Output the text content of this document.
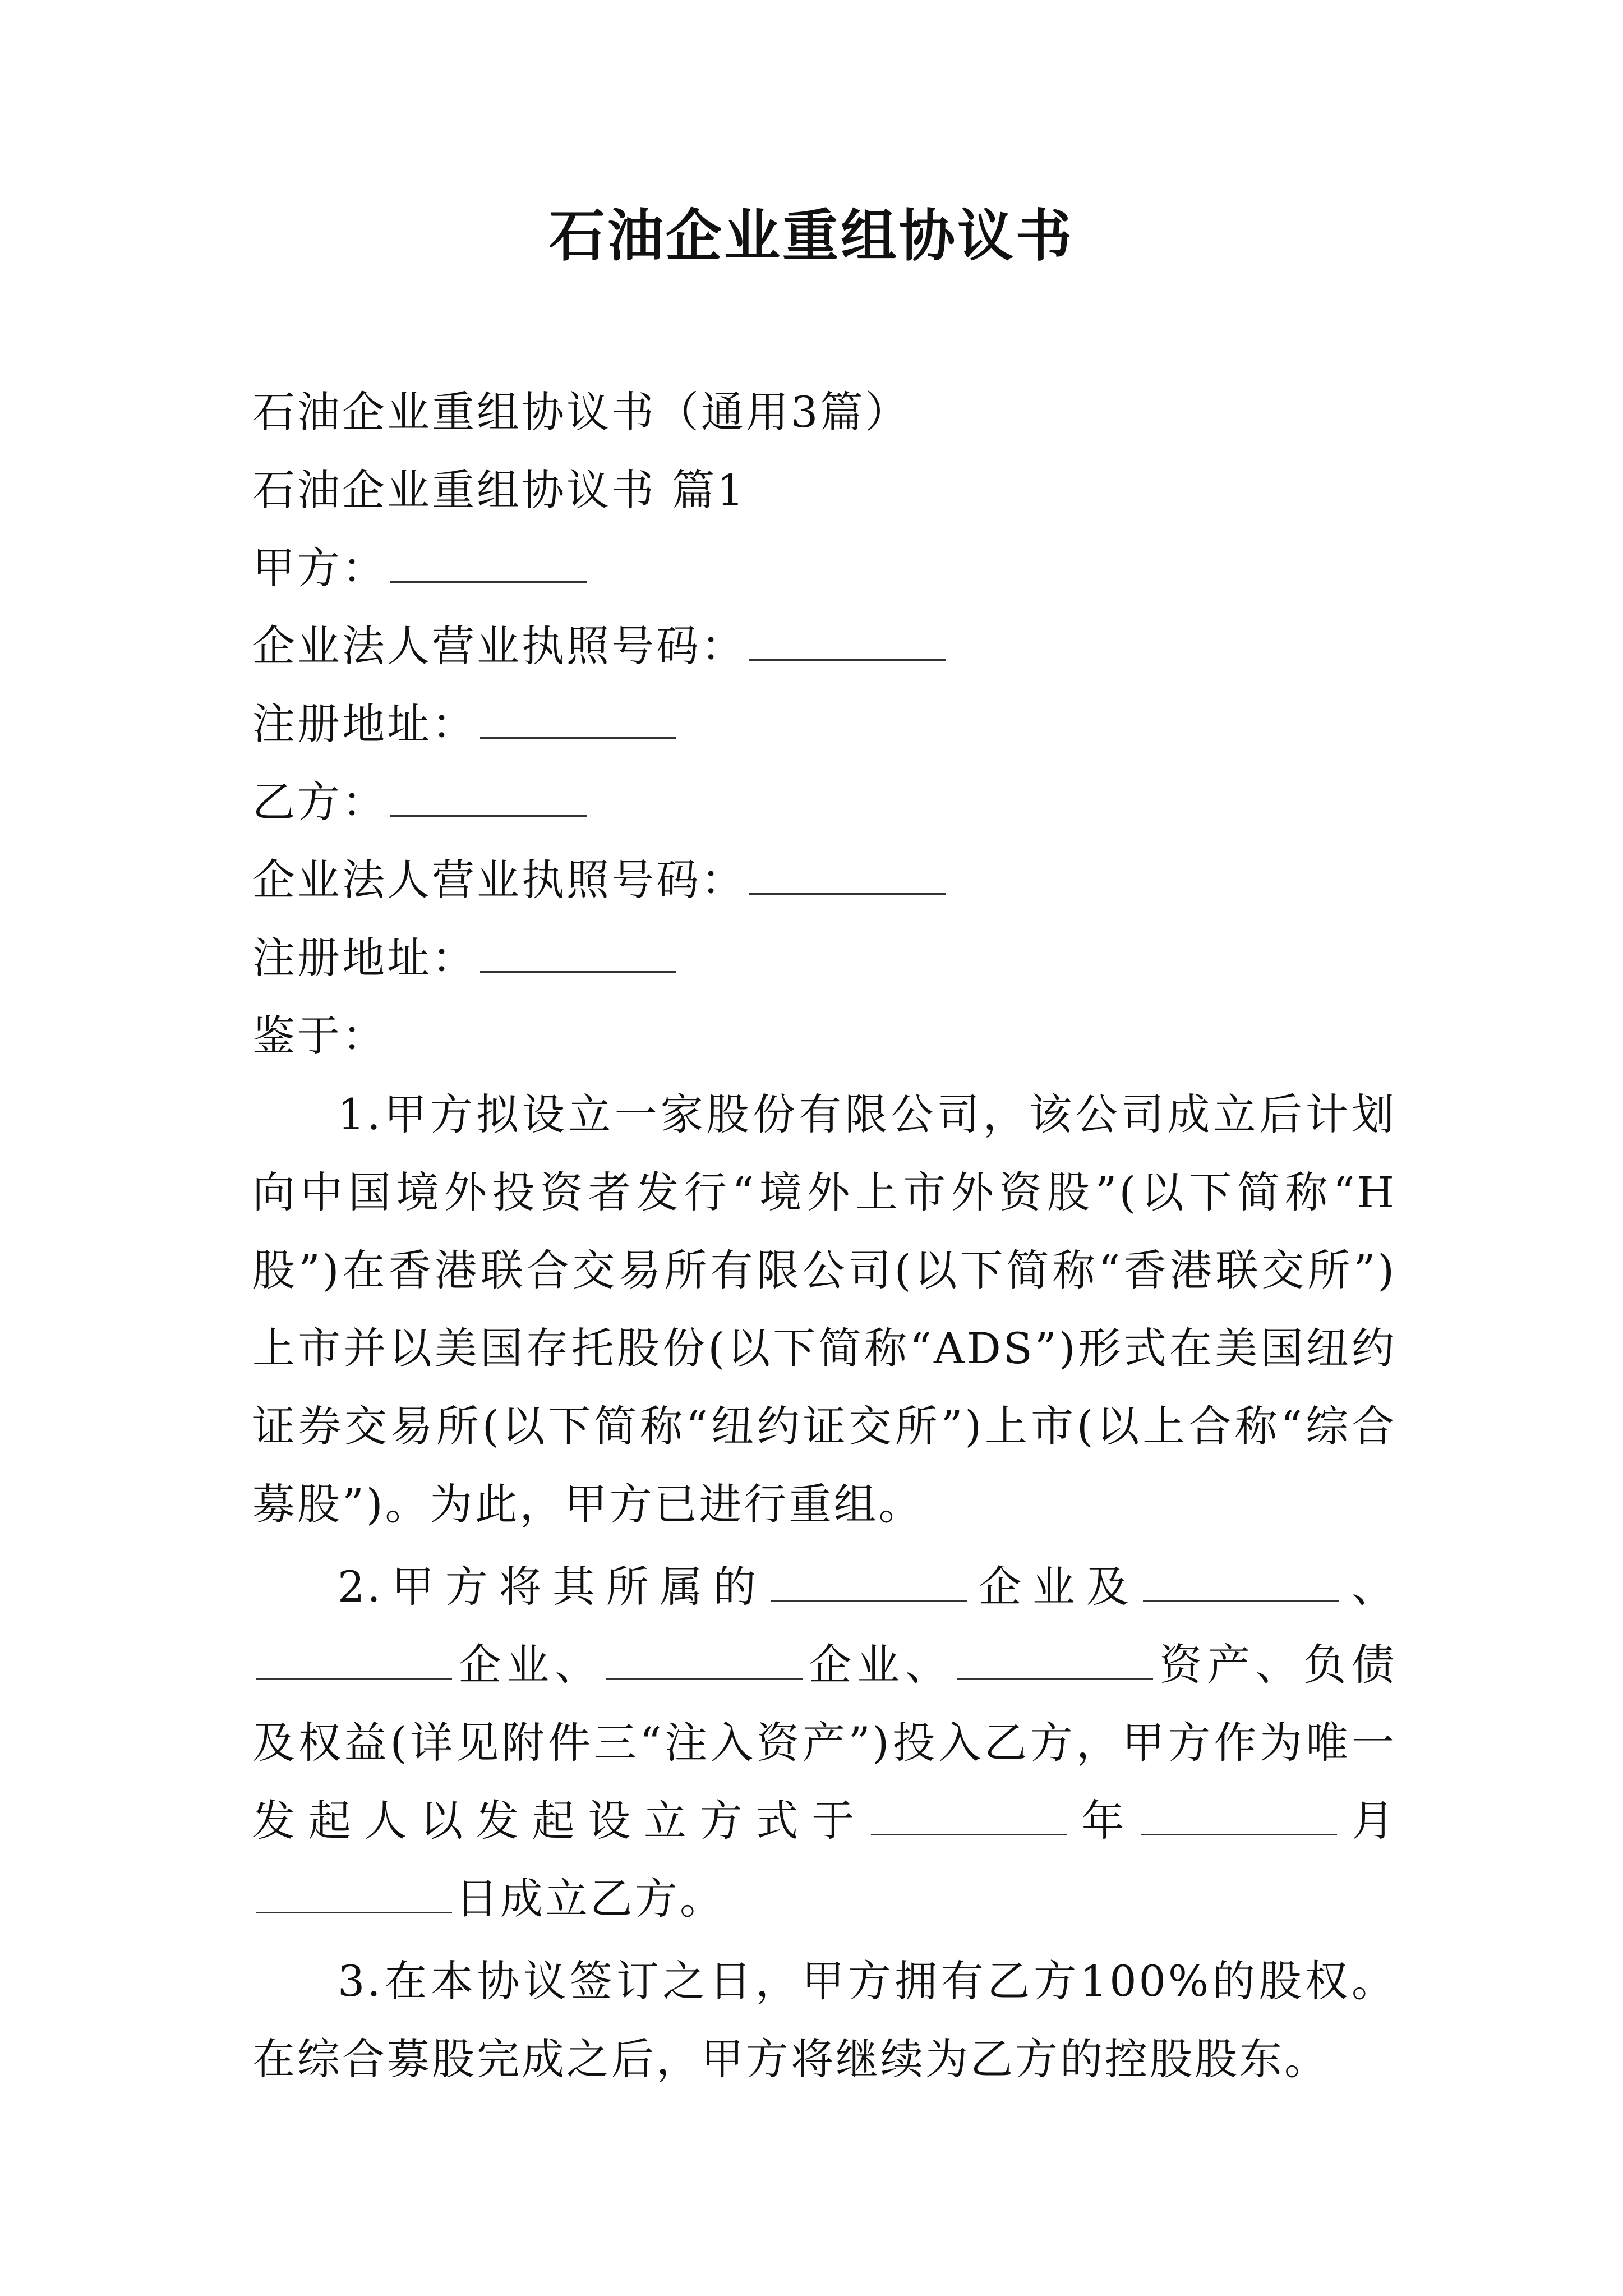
石油企业重组协议书
石油企业重组协议书（通用3篇）
石油企业重组协议书 篇1
甲方：
企业法人营业执照号码：
注册地址：
乙方：
企业法人营业执照号码：
注册地址：
鉴于：
1.甲方拟设立一家股份有限公司，该公司成立后计划向中国境外投资者发行“境外上市外资股”(以下简称“H股”)在香港联合交易所有限公司(以下简称“香港联交所”)上市并以美国存托股份(以下简称“ADS”)形式在美国纽约证券交易所(以下简称“纽约证交所”)上市(以上合称“综合募股”)。为此，甲方已进行重组。
2.甲方将其所属的	企业及	、企业、	企业、	资产、负债及权益(详见附件三“注入资产”)投入乙方，甲方作为唯一发起人以发起设立方式于	年	月日成立乙方。
3.在本协议签订之日，甲方拥有乙方100%的股权。在综合募股完成之后，甲方将继续为乙方的控股股东。
